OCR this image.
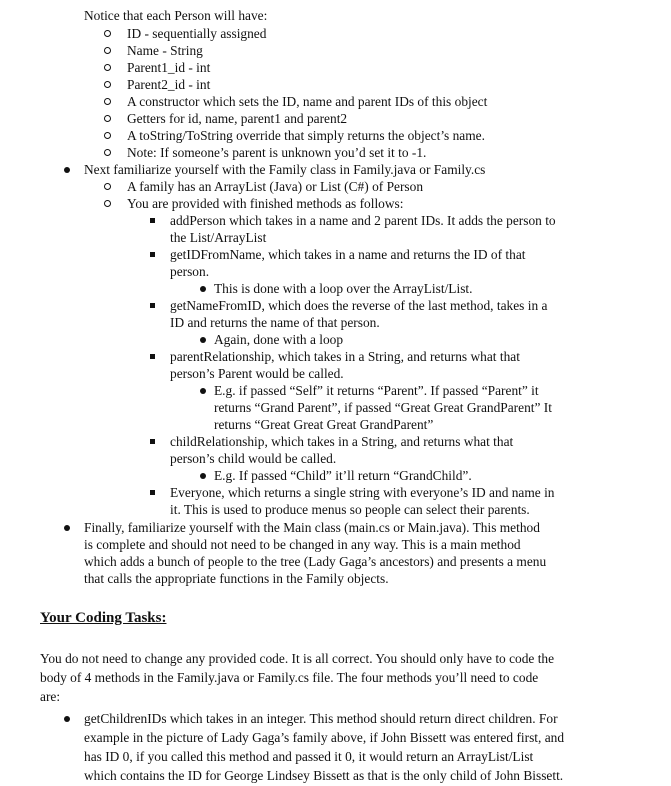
Notice that each Person will have:
ID - sequentially assigned
Name - String
Parent1_id - int
Parent2_id - int
A constructor which sets the ID, name and parent IDs of this object
Getters for id, name, parent1 and parent2
A toString/ToString override that simply returns the object’s name.
Note: If someone’s parent is unknown you’d set it to -1.
Next familiarize yourself with the Family class in Family.java or Family.cs
A family has an ArrayList (Java) or List (C#) of Person
You are provided with finished methods as follows:
addPerson which takes in a name and 2 parent IDs. It adds the person to
the List/ArrayList
getIDFromName, which takes in a name and returns the ID of that
person.
This is done with a loop over the ArrayList/List.
getNameFromID, which does the reverse of the last method, takes in a
ID and returns the name of that person.
Again, done with a loop
parentRelationship, which takes in a String, and returns what that
person’s Parent would be called.
E.g. if passed “Self” it returns “Parent”. If passed “Parent” it
returns “Grand Parent”, if passed “Great Great GrandParent” It
returns “Great Great Great GrandParent”
childRelationship, which takes in a String, and returns what that
person’s child would be called.
E.g. If passed “Child” it’ll return “GrandChild”.
Everyone, which returns a single string with everyone’s ID and name in
it. This is used to produce menus so people can select their parents.
Finally, familiarize yourself with the Main class (main.cs or Main.java). This method
is complete and should not need to be changed in any way. This is a main method
which adds a bunch of people to the tree (Lady Gaga’s ancestors) and presents a menu
that calls the appropriate functions in the Family objects.
Your Coding Tasks:
You do not need to change any provided code. It is all correct. You should only have to code the
body of 4 methods in the Family.java or Family.cs file. The four methods you’ll need to code
are:
getChildrenIDs which takes in an integer. This method should return direct children. For
example in the picture of Lady Gaga’s family above, if John Bissett was entered first, and
has ID 0, if you called this method and passed it 0, it would return an ArrayList/List
which contains the ID for George Lindsey Bissett as that is the only child of John Bissett.
